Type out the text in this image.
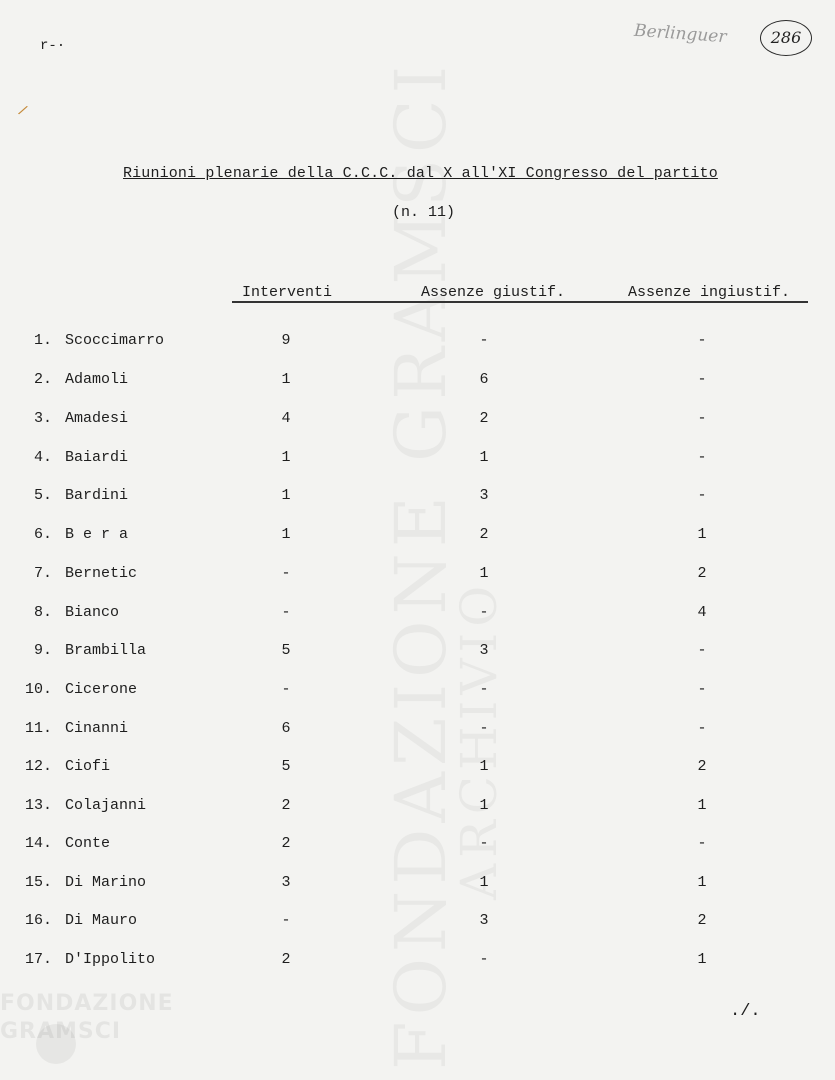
FONDAZIONE
GRAMSCI
r-·
/
Berlinguer	286
Riunioni plenarie della C.C.C. dal X all'XI Congresso del partito
(n. 11)
Interventi	Assenze giustif.	Assenze ingiustif.
1. Scoccimarro	9	-	-
2. Adamoli	1	6	-
3. Amadesi	4	2	-
4. Baiardi	1	1	-
5. Bardini	1	3	-
6. B e r a	1	2	1
7. Bernetic	-	1	2
8. Bianco	-	-	4
9. Brambilla	5	3	-
10. Cicerone	-	-	-
11. Cinanni	6	-	-
12. Ciofi	5	1	2
13. Colajanni	2	1	1
14. Conte	2	-	-
15. Di Marino	3	1	1
16. Di Mauro	-	3	2
17. D'Ippolito	2	-	1
./.
